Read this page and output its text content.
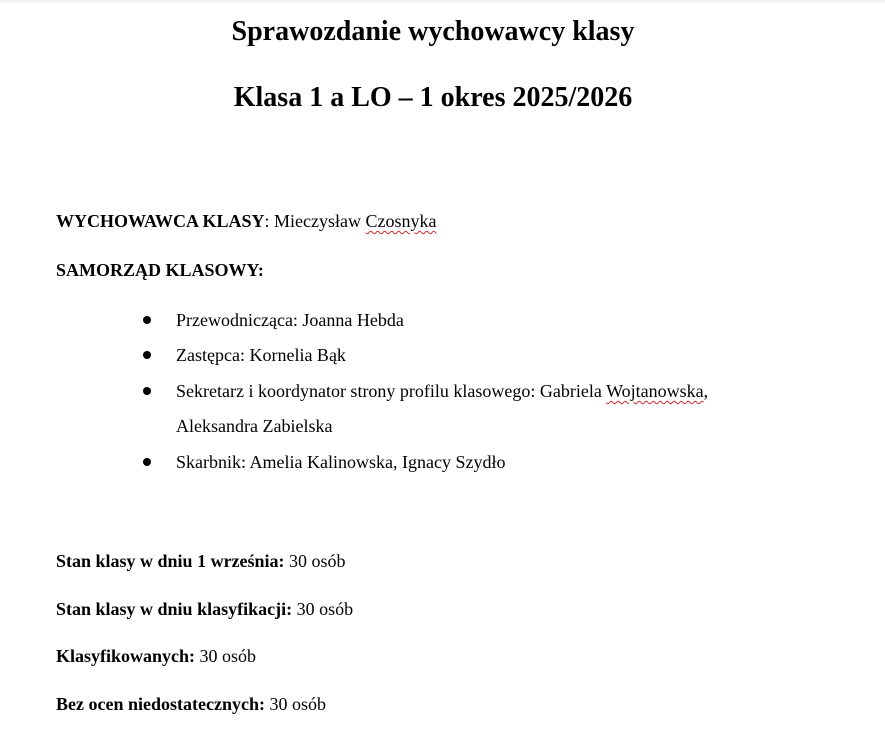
Sprawozdanie wychowawcy klasy
Klasa 1 a LO – 1 okres 2025/2026
WYCHOWAWCA KLASY: Mieczysław Czosnyka
SAMORZĄD KLASOWY:
Przewodnicząca: Joanna Hebda
Zastępca: Kornelia Bąk
Sekretarz i koordynator strony profilu klasowego: Gabriela Wojtanowska,
Aleksandra Zabielska
Skarbnik: Amelia Kalinowska, Ignacy Szydło
Stan klasy w dniu 1 września: 30 osób
Stan klasy w dniu klasyfikacji: 30 osób
Klasyfikowanych: 30 osób
Bez ocen niedostatecznych: 30 osób
